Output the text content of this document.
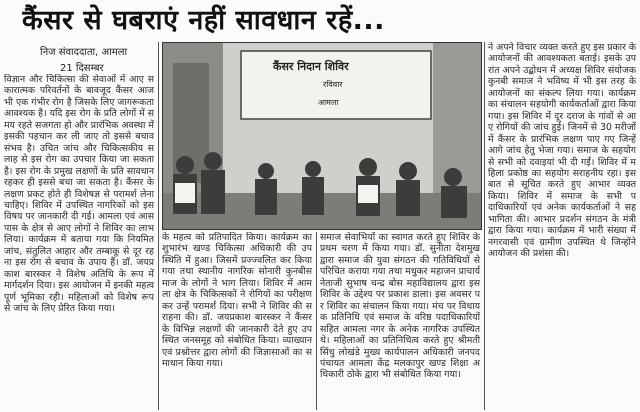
कैंसर से घबराएं नहीं सावधान रहें...
निज संवाददाता, आमला
21 दिसम्बर
विज्ञान और चिकित्सा की सेवाओं में आए सकारात्मक परिवर्तनों के बावजूद कैंसर आज भी एक गंभीर रोग है जिसके लिए जागरूकता आवश्यक है। यदि इस रोग के प्रति लोगों में समय रहते सजगता हो और प्रारंभिक अवस्था में इसकी पहचान कर ली जाए तो इससे बचाव संभव है। उचित जांच और चिकित्सकीय सलाह से इस रोग का उपचार किया जा सकता है। इस रोग के प्रमुख लक्षणों के प्रति सावधान रहकर ही इससे बचा जा सकता है। कैंसर के लक्षण प्रकट होते ही विशेषज्ञ से परामर्श लेना चाहिए। शिविर में उपस्थित नागरिकों को इस विषय पर जानकारी दी गई। आमला एवं आसपास के क्षेत्र से आए लोगों ने शिविर का लाभ लिया। कार्यक्रम में बताया गया कि नियमित जांच, संतुलित आहार और तम्बाकू से दूर रहना इस रोग से बचाव के उपाय हैं। डॉ. जयप्रकाश बारस्कर ने विशेष अतिथि के रूप में मार्गदर्शन दिया। इस आयोजन में इनकी महत्वपूर्ण भूमिका रही। महिलाओं को विशेष रूप से जांच के लिए प्रेरित किया गया।
कैंसर निदान शिविर
रविवार
आमला
के महत्व को प्रतिपादित किया। कार्यक्रम का शुभारंभ खण्ड चिकित्सा अधिकारी की उपस्थिति में हुआ। जिसमें प्रज्ज्वलित कर किया गया तथा स्थानीय नागरिक सोनारी कुनबीसमाज के लोगों ने भाग लिया। शिविर में आमला क्षेत्र के चिकित्सकों ने रोगियों का परीक्षण कर उन्हें परामर्श दिया। सभी ने शिविर की सराहना की। डॉ. जयप्रकाश बारस्कर ने कैंसर के विभिन्न लक्षणों की जानकारी देते हुए उपस्थित जनसमूह को संबोधित किया। व्याख्यान एवं प्रश्नोत्तर द्वारा लोगों की जिज्ञासाओं का समाधान किया गया।
समाज सेवाभियों का स्वागत करते हुए शिविर के प्रथम चरण में किया गया। डॉ. सुनीता देशमुख द्वारा समाज की युवा संगठन की गतिविधियों से परिचित कराया गया तथा मधुकर महाजन प्राचार्य नेताजी सुभाष चन्द्र बोस महाविद्यालय द्वारा इस शिविर के उद्देश्य पर प्रकाश डाला। इस अवसर पर शिविर का संचालन किया गया। मंच पर विधायक प्रतिनिधि एवं समाज के वरिष्ठ पदाधिकारियों सहित आमला नगर के अनेक नागरिक उपस्थित थे। महिलाओं का प्रतिनिधित्व करते हुए श्रीमती सिंधु लोखंडे मुख्य कार्यपालन अधिकारी जनपद पंचायत आमला केंद्र मलकापुर खण्ड शिक्षा अधिकारी ठोके द्वारा भी संबोधित किया गया।
ने अपने विचार व्यक्त करते हुए इस प्रकार के आयोजनों की आवश्यकता बताई। इसके उपरांत अपने उद्बोधन में अध्यक्ष शिविर संयोजक कुनबी समाज ने भविष्य में भी इस तरह के आयोजनों का संकल्प लिया गया। कार्यक्रम का संचालन सहयोगी कार्यकर्ताओं द्वारा किया गया। इस शिविर में दूर दराज के गांवों से आए रोगियों की जांच हुई। जिनमें से 30 मरीजों में कैंसर के प्रारंभिक लक्षण पाए गए जिन्हें आगे जांच हेतु भेजा गया। समाज के सहयोग से सभी को दवाइयां भी दी गईं। शिविर में महिला प्रकोष्ठ का सहयोग सराहनीय रहा। इस बात से सूचित करते हुए आभार व्यक्त किया। शिविर में समाज के सभी पदाधिकारियों एवं अनेक कार्यकर्ताओं ने सहभागिता की। आभार प्रदर्शन संगठन के मंत्री द्वारा किया गया। कार्यक्रम में भारी संख्या में नगरवासी एवं ग्रामीण उपस्थित थे जिन्होंने आयोजन की प्रशंसा की।
